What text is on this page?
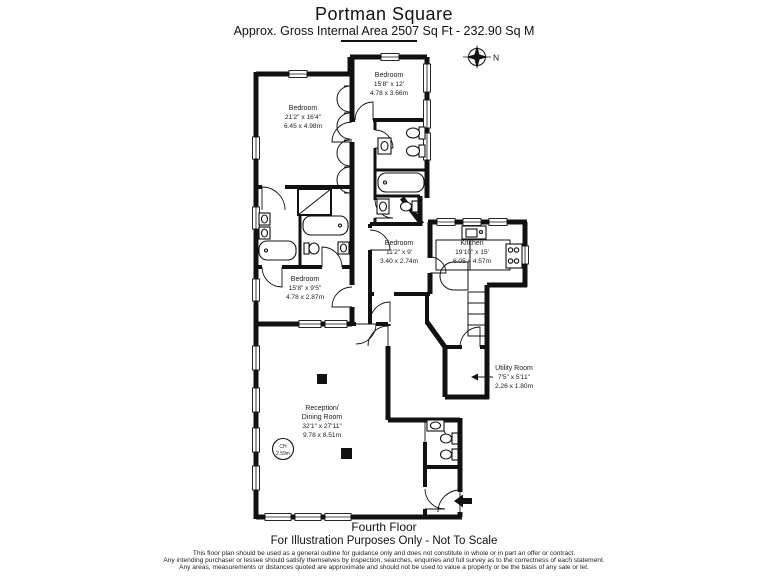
Portman Square
Approx. Gross Internal Area 2507 Sq Ft - 232.90 Sq M
CH
2.59m
N
Bedroom
21'2" x 16'4"
6.45 x 4.98m
Bedroom
15'8" x 12'
4.78 x 3.66m
Bedroom
15'8" x 9'5"
4.78 x 2.87m
Bedroom
11'2" x 9'
3.40 x 2.74m
Kitchen
19'10" x 15'
6.05 x 4.57m
Utility Room
7'5" x 5'11"
2.26 x 1.80m
Reception/
Dining Room
32'1" x 27'11"
9.78 x 8.51m
Fourth Floor
For Illustration Purposes Only - Not To Scale
This floor plan should be used as a general outline for guidance only and does not constitute in whole or in part an offer or contract.
Any intending purchaser or lessee should satisfy themselves by inspection, searches, enquiries and full survey as to the correctness of each statement.
Any areas, measurements or distances quoted are approximate and should not be used to value a property or be the basis of any sale or let.
